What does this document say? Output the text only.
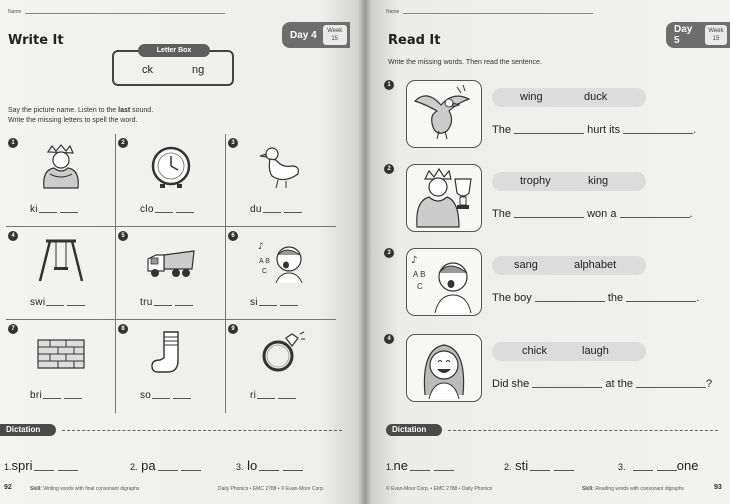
Name
Write It	Day 4	Week
15
Letter Box
ck	ng
Say the picture name. Listen to the last sound.
Write the missing letters to spell the word.
1
ki
2
clo
3
du
4
swi
5
tru
6
♪
A B
C
si
7
bri
8
so
9
ri
Dictation
1.spri	2. pa	3. lo
92	Skill: Writing words with final consonant digraphs	Daily Phonics • EMC 2788 • © Evan-Moor Corp.
Name
Read It
Day 5
Week
15
Write the missing words. Then read the sentence.
1
wing	duck
The	hurt its	.
2
trophy	king
The	won a	.
3
♪
A B
C
sang	alphabet
The boy	the	.
4
chick	laugh
Did she	at the	?
Dictation
1.ne	2. sti	3.	one
© Evan-Moor Corp. • EMC 2788 • Daily Phonics	Skill: Reading words with consonant digraphs	93
